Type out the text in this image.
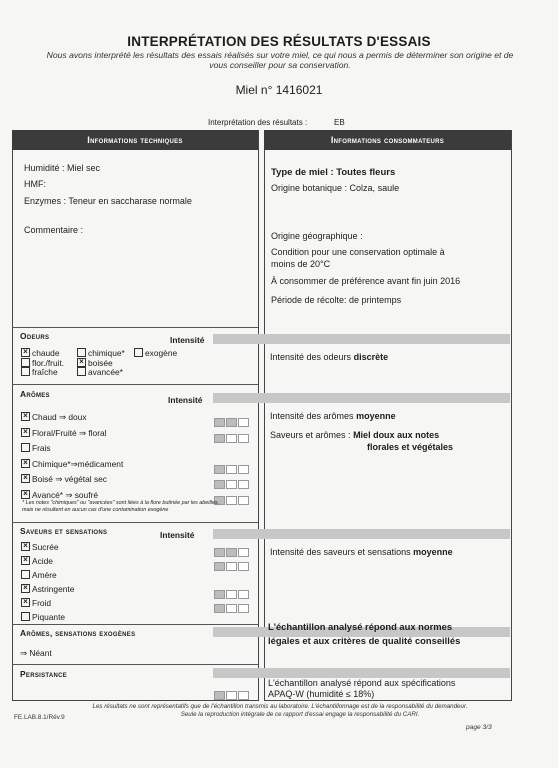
INTERPRÉTATION DES RÉSULTATS D'ESSAIS
Nous avons interprété les résultats des essais réalisés sur votre miel, ce qui nous a permis de déterminer son origine et de vous conseiller pour sa conservation.
Miel n° 1416021
Interprétation des résultats :	EB
Informations techniques
Humidité : Miel sec
HMF:
Enzymes : Teneur en saccharase normale
Commentaire :
Odeurs	Intensité
×chaude	chimique* exogène
flor./fruit.×	boisée
fraîche	avancée*
Arômes
Intensité
×Chaud ⇒ doux
×Floral/Fruité ⇒ floral
Frais
×Chimique*⇒médicament
×Boisé ⇒ végétal sec
×Avancé* ⇒ soufré
* Les notes "chimiques" ou "avancées" sont liées à la flore butinée par les abeilles,
mais ne résultent en aucun cas d'une contamination exogène
Saveurs et sensations	Intensité
×Sucrée
×Acide
Amère
×Astringente
×Froid
Piquante
Arômes, sensations exogènes
⇒ Néant
Persistance
Informations consommateurs
Type de miel : Toutes fleurs
Origine botanique : Colza, saule
Origine géographique :
Condition pour une conservation optimale à
moins de 20°C
À consommer de préférence avant fin juin 2016
Période de récolte: de printemps
Intensité des odeurs discrète
Intensité des arômes moyenne
Saveurs et arômes : Miel doux aux notes
florales et végétales
Intensité des saveurs et sensations moyenne
L'échantillon analysé répond aux normes
légales et aux critères de qualité conseillés
L'échantillon analysé répond aux spécifications
APAQ-W (humidité ≤ 18%)
Les résultats ne sont représentatifs que de l'échantillon transmis au laboratoire. L'échantillonnage est de la responsabilité du demandeur.
Seule la reproduction intégrale de ce rapport d'essai engage la responsabilité du CARI.
FE.LAB.8.1/Rév.9
page 3/3
